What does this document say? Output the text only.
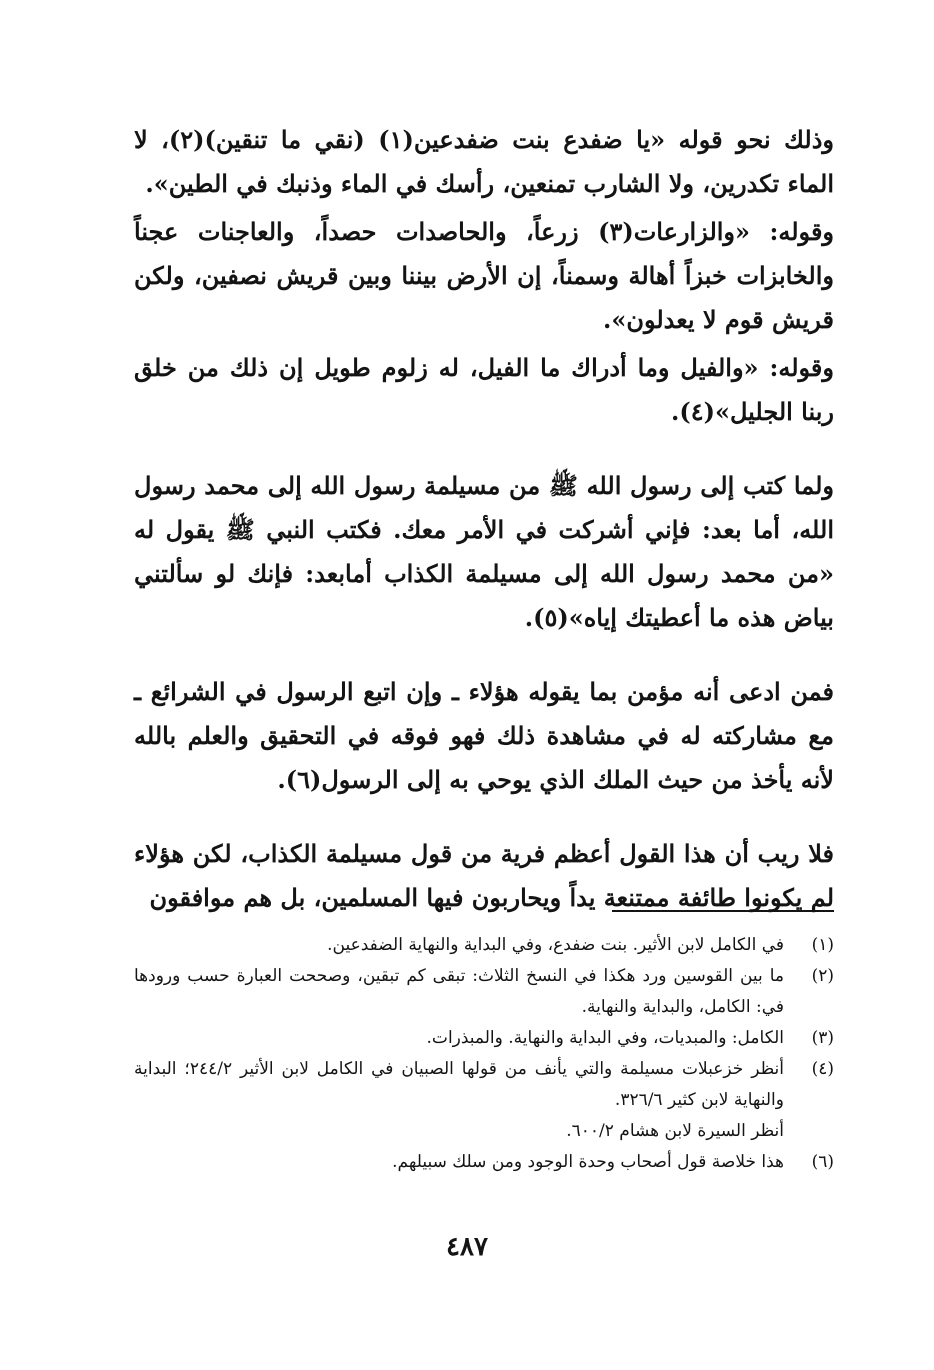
وذلك نحو قوله «يا ضفدع بنت ضفدعين(١) (نقي ما تنقين)(٢)، لا الماء تكدرين، ولا الشارب تمنعين، رأسك في الماء وذنبك في الطين».

وقوله: «والزارعات(٣) زرعاً، والحاصدات حصداً، والعاجنات عجناً والخابزات خبزاً أهالة وسمناً، إن الأرض بيننا وبين قريش نصفين، ولكن قريش قوم لا يعدلون».

وقوله: «والفيل وما أدراك ما الفيل، له زلوم طويل إن ذلك من خلق ربنا الجليل»(٤).

ولما كتب إلى رسول الله ﷺ من مسيلمة رسول الله إلى محمد رسول الله، أما بعد: فإني أشركت في الأمر معك. فكتب النبي ﷺ يقول له «من محمد رسول الله إلى مسيلمة الكذاب أمابعد: فإنك لو سألتني بياض هذه ما أعطيتك إياه»(٥).

فمن ادعى أنه مؤمن بما يقوله هؤلاء ـ وإن اتبع الرسول في الشرائع ـ مع مشاركته له في مشاهدة ذلك فهو فوقه في التحقيق والعلم بالله لأنه يأخذ من حيث الملك الذي يوحي به إلى الرسول(٦).

فلا ريب أن هذا القول أعظم فرية من قول مسيلمة الكذاب، لكن هؤلاء لم يكونوا طائفة ممتنعة يداً ويحاربون فيها المسلمين، بل هم موافقون

(١)
في الكامل لابن الأثير. بنت ضفدع، وفي البداية والنهاية الضفدعين.
(٢)
ما بين القوسين ورد هكذا في النسخ الثلاث: تبقى كم تبقين، وصححت العبارة حسب ورودها في: الكامل، والبداية والنهاية.
(٣)
الكامل: والمبديات، وفي البداية والنهاية. والمبذرات.
(٤)
أنظر خزعبلات مسيلمة والتي يأنف من قولها الصبيان في الكامل لابن الأثير ٢٤٤/٢؛ البداية والنهاية لابن كثير ٣٢٦/٦.
أنظر السيرة لابن هشام ٦٠٠/٢.
(٦)
هذا خلاصة قول أصحاب وحدة الوجود ومن سلك سبيلهم.
٤٨٧
